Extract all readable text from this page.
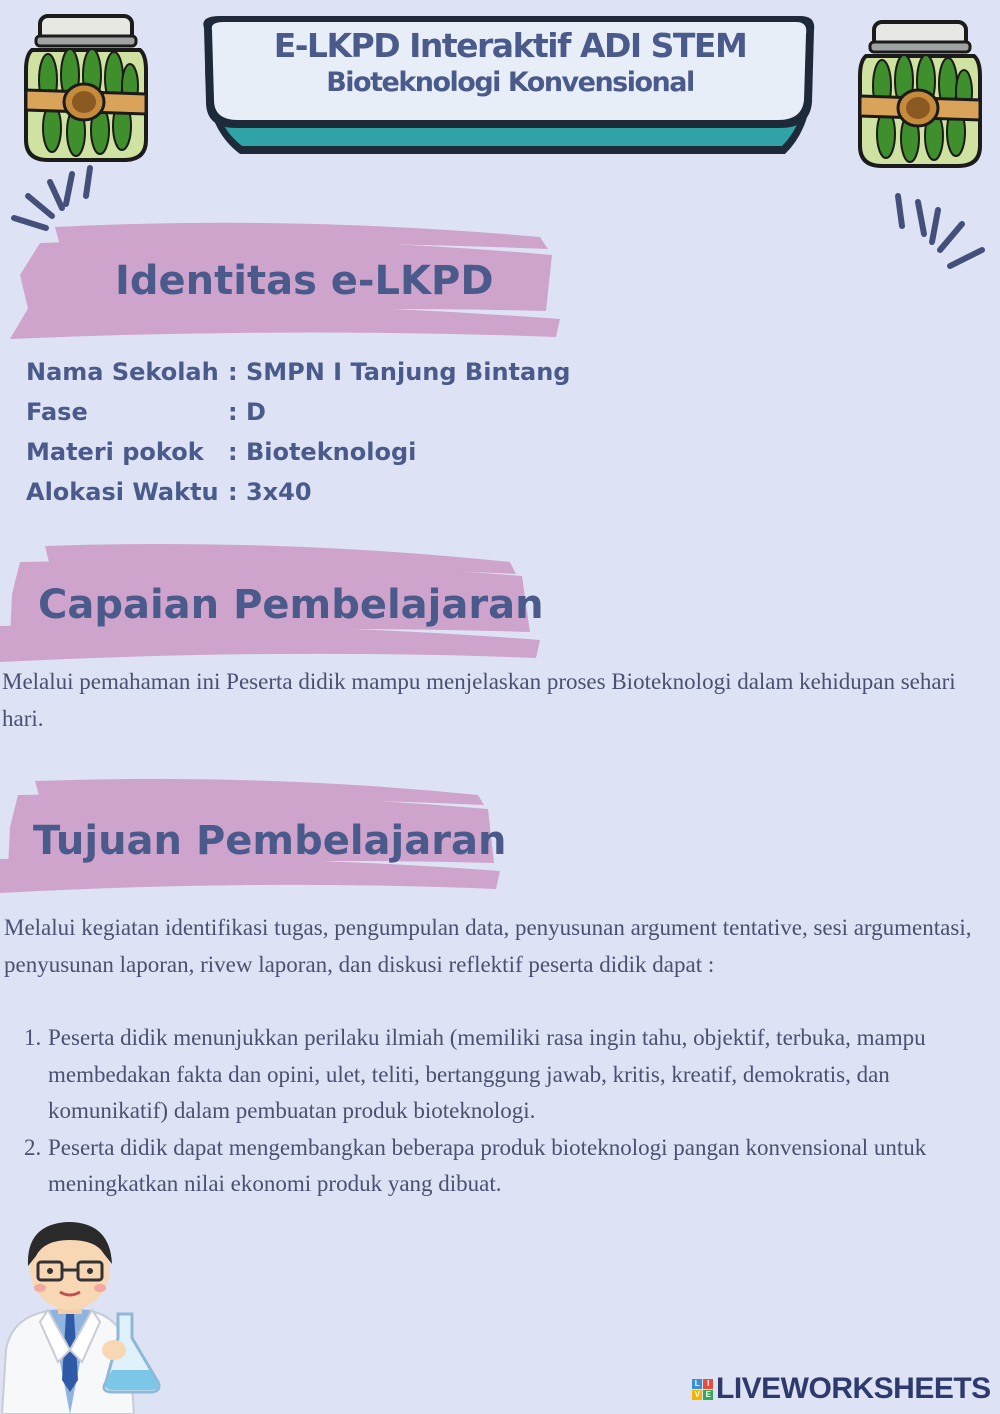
E-LKPD Interaktif ADI STEM
Bioteknologi Konvensional
Identitas e-LKPD
Capaian Pembelajaran
Tujuan Pembelajaran
Nama Sekolah : SMPN I Tanjung Bintang
Fase	: D
Materi pokok : Bioteknologi
Alokasi Waktu : 3x40
Melalui pemahaman ini Peserta didik mampu menjelaskan proses Bioteknologi dalam kehidupan sehari hari.
Melalui kegiatan identifikasi tugas, pengumpulan data, penyusunan argument tentative, sesi argumentasi, penyusunan laporan, rivew laporan, dan diskusi reflektif peserta didik dapat :
1. Peserta didik menunjukkan perilaku ilmiah (memiliki rasa ingin tahu, objektif, terbuka, mampu membedakan fakta dan opini, ulet, teliti, bertanggung jawab, kritis, kreatif, demokratis, dan komunikatif) dalam pembuatan produk bioteknologi.
2. Peserta didik dapat mengembangkan beberapa produk bioteknologi pangan konvensional untuk meningkatkan nilai ekonomi produk yang dibuat.
L I
V E LIVEWORKSHEETS
